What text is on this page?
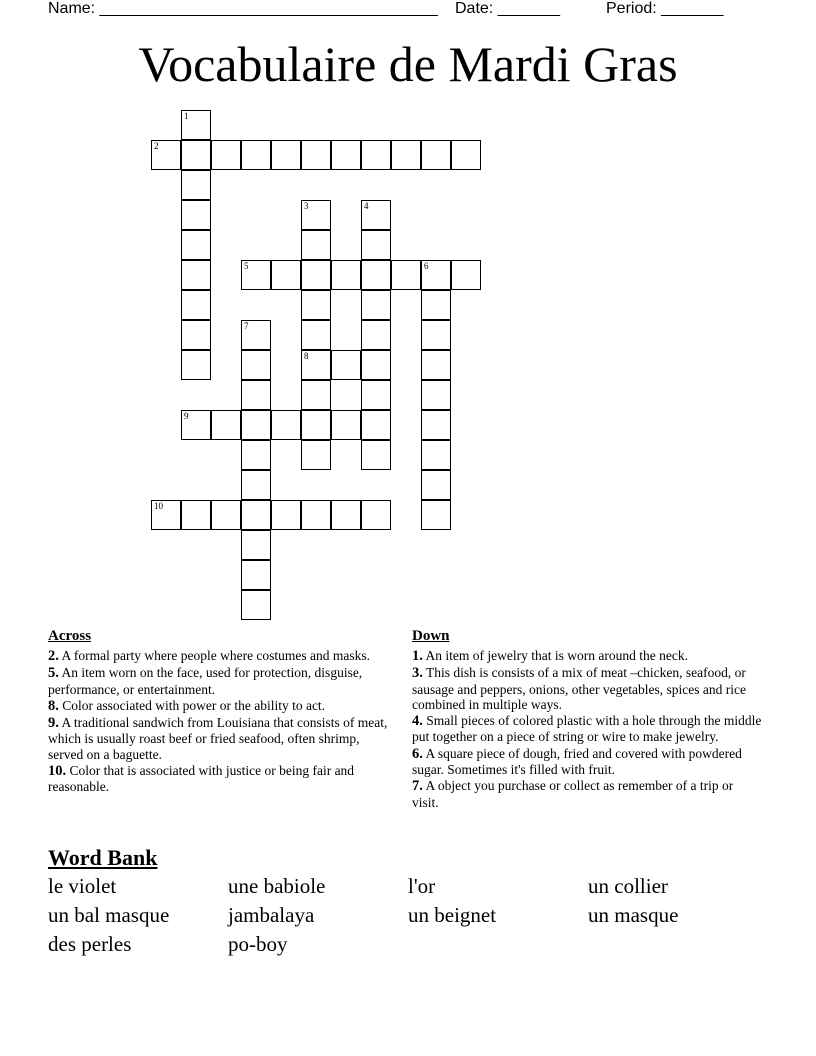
Name: ______________________________________ Date: _______	Period: _______
Vocabulaire de Mardi Gras
1
2
3
8
4
5	6
7
9
10
Across
2. A formal party where people where costumes and masks.
5. An item worn on the face, used for protection, disguise, performance, or entertainment.
8. Color associated with power or the ability to act.
9. A traditional sandwich from Louisiana that consists of meat, which is usually roast beef or fried seafood, often shrimp, served on a baguette.
10. Color that is associated with justice or being fair and reasonable.
Down
1. An item of jewelry that is worn around the neck.
3. This dish is consists of a mix of meat –chicken, seafood, or sausage and peppers, onions, other vegetables, spices and rice combined in multiple ways.
4. Small pieces of colored plastic with a hole through the middle put together on a piece of string or wire to make jewelry.
6. A square piece of dough, fried and covered with powdered sugar. Sometimes it's filled with fruit.
7. A object you purchase or collect as remember of a trip or visit.
Word Bank
le violet	une babiole	l'or	un collier
un bal masque	jambalaya	un beignet	un masque
des perles	po-boy
